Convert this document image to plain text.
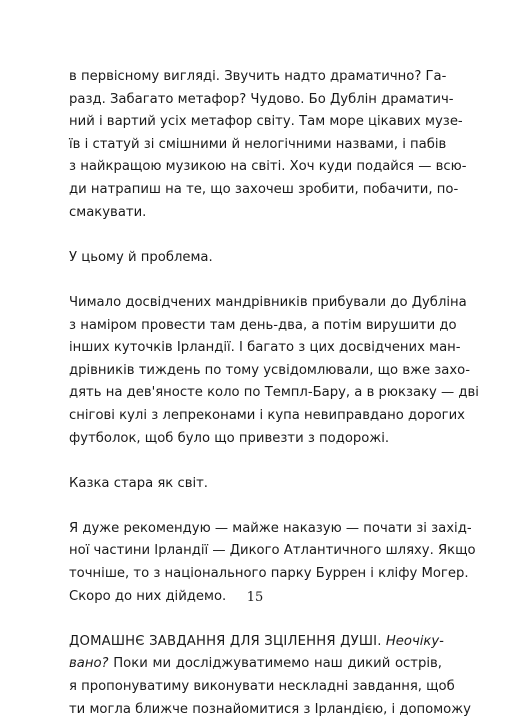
в первісному вигляді. Звучить надто драматично? Га-
разд. Забагато метафор? Чудово. Бо Дублін драматич-
ний і вартий усіх метафор світу. Там море цікавих музе-
їв і статуй зі смішними й нелогічними назвами, і пабів
з найкращою музикою на світі. Хоч куди подайся — всю-
ди натрапиш на те, що захочеш зробити, побачити, по-
смакувати.

У цьому й проблема.

Чимало досвідчених мандрівників прибували до Дубліна
з наміром провести там день-два, а потім вирушити до
інших куточків Ірландії. І багато з цих досвідчених ман-
дрівників тиждень по тому усвідомлювали, що вже захо-
дять на дев'яносте коло по Темпл-Бару, а в рюкзаку — дві
снігові кулі з лепреконами і купа невиправдано дорогих
футболок, щоб було що привезти з подорожі.

Казка стара як світ.

Я дуже рекомендую — майже наказую — почати зі захід-
ної частини Ірландії — Дикого Атлантичного шляху. Якщо
точніше, то з національного парку Буррен і кліфу Могер.
Скоро до них дійдемо.

ДОМАШНЄ ЗАВДАННЯ ДЛЯ ЗЦІЛЕННЯ ДУШІ. Неочіку-
вано? Поки ми досліджуватимемо наш дикий острів,
я пропонуватиму виконувати нескладні завдання, щоб
ти могла ближче познайомитися з Ірландією, і допоможу

15
